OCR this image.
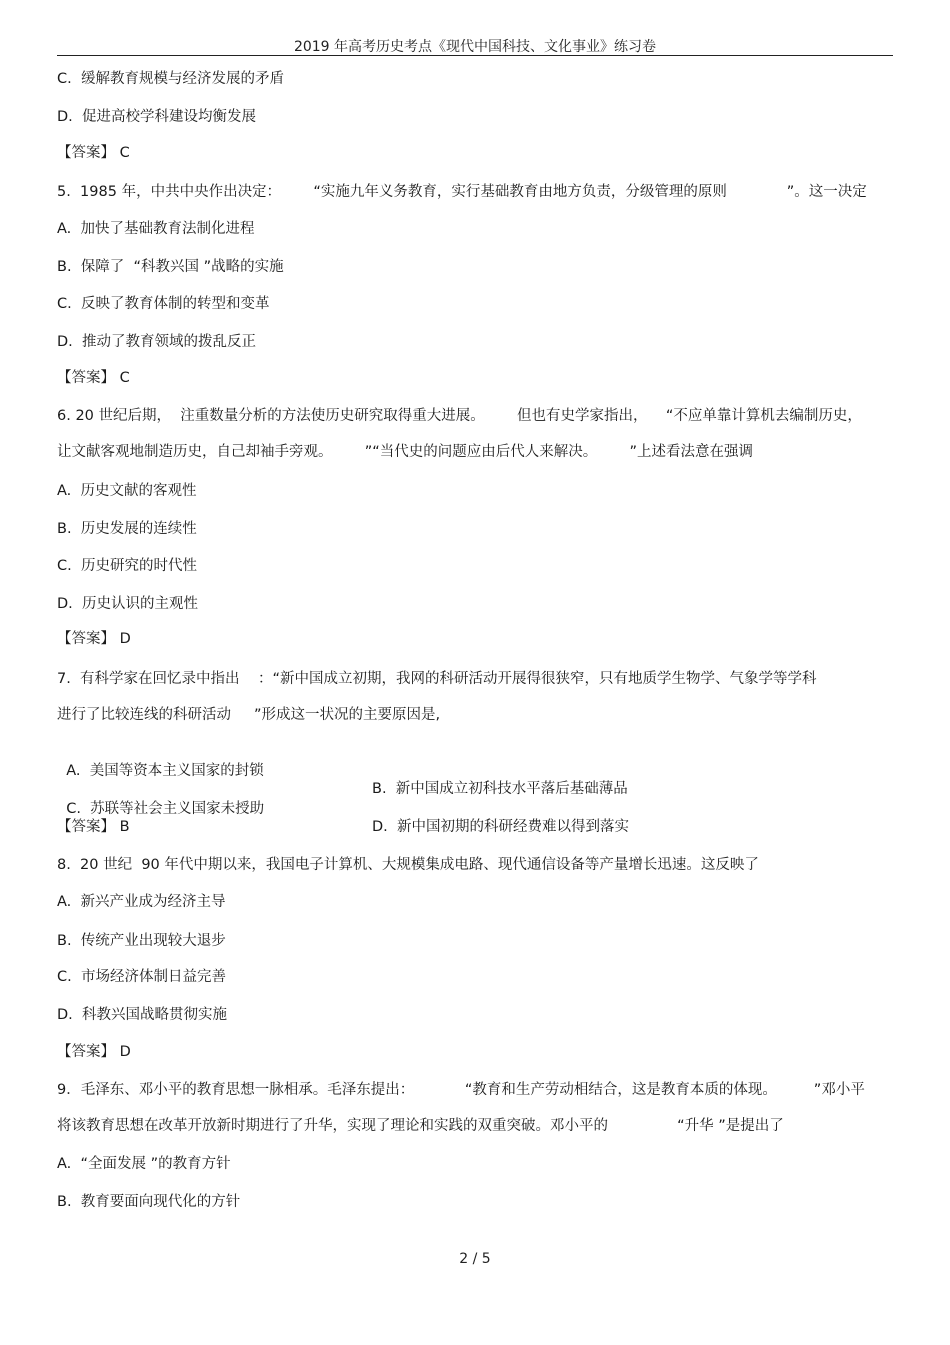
2019 年高考历史考点《现代中国科技、文化事业》练习卷
C.  缓解教育规模与经济发展的矛盾
D.  促进高校学科建设均衡发展
【答案】 C
5.  1985 年，中共中央作出决定：       “实施九年义务教育，实行基础教育由地方负责，分级管理的原则             ”。这一决定
A.  加快了基础教育法制化进程
B.  保障了  “科教兴国 ”战略的实施
C.  反映了教育体制的转型和变革
D.  推动了教育领域的拨乱反正
【答案】 C
6. 20 世纪后期，  注重数量分析的方法使历史研究取得重大进展。       但也有史学家指出，    “不应单靠计算机去编制历史，
让文献客观地制造历史，自己却袖手旁观。       ”“当代史的问题应由后代人来解决。       ”上述看法意在强调
A.  历史文献的客观性
B.  历史发展的连续性
C.  历史研究的时代性
D.  历史认识的主观性
【答案】 D
7.  有科学家在回忆录中指出    ：“新中国成立初期，我网的科研活动开展得很狭窄，只有地质学生物学、气象学等学科
进行了比较连线的科研活动     ”形成这一状况的主要原因是,

A.  美国等资本主义国家的封锁

B.  新中国成立初科技水平落后基础薄品

C.  苏联等社会主义国家未授助

D.  新中国初期的科研经费难以得到落实

【答案】 B
8.  20 世纪  90 年代中期以来，我国电子计算机、大规模集成电路、现代通信设备等产量增长迅速。这反映了
A.  新兴产业成为经济主导
B.  传统产业出现较大退步
C.  市场经济体制日益完善
D.  科教兴国战略贯彻实施
【答案】 D
9．毛泽东、邓小平的教育思想一脉相承。毛泽东提出：           “教育和生产劳动相结合，这是教育本质的体现。        ”邓小平
将该教育思想在改革开放新时期进行了升华，实现了理论和实践的双重突破。邓小平的               “升华 ”是提出了
A.  “全面发展 ”的教育方针
B.  教育要面向现代化的方针
2 / 5
